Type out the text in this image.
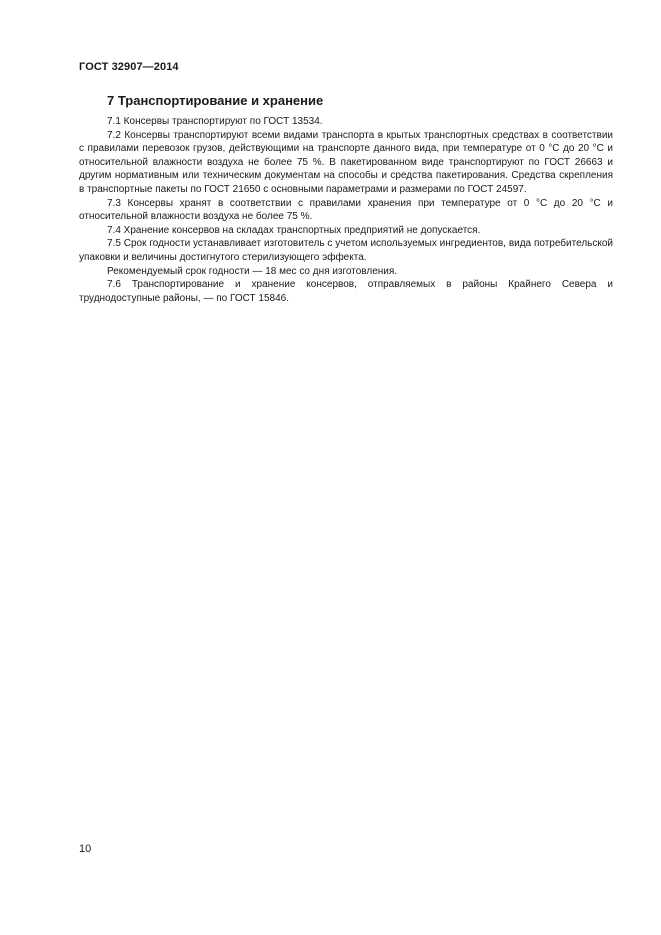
ГОСТ 32907—2014
7 Транспортирование и хранение

7.1 Консервы транспортируют по ГОСТ 13534.

7.2 Консервы транспортируют всеми видами транспорта в крытых транспортных средствах в соответствии с правилами перевозок грузов, действующими на транспорте данного вида, при температуре от 0 °С до 20 °С и относительной влажности воздуха не более 75 %. В пакетированном виде транспортируют по ГОСТ 26663 и другим нормативным или техническим документам на способы и средства пакетирования. Средства скрепления в транспортные пакеты по ГОСТ 21650 с основными параметрами и размерами по ГОСТ 24597.

7.3 Консервы хранят в соответствии с правилами хранения при температуре от 0 °С до 20 °С и относительной влажности воздуха не более 75 %.

7.4 Хранение консервов на складах транспортных предприятий не допускается.

7.5 Срок годности устанавливает изготовитель с учетом используемых ингредиентов, вида потребительской упаковки и величины достигнутого стерилизующего эффекта.

Рекомендуемый срок годности — 18 мес со дня изготовления.

7.6 Транспортирование и хранение консервов, отправляемых в районы Крайнего Севера и труднодоступные районы, — по ГОСТ 15846.

10
